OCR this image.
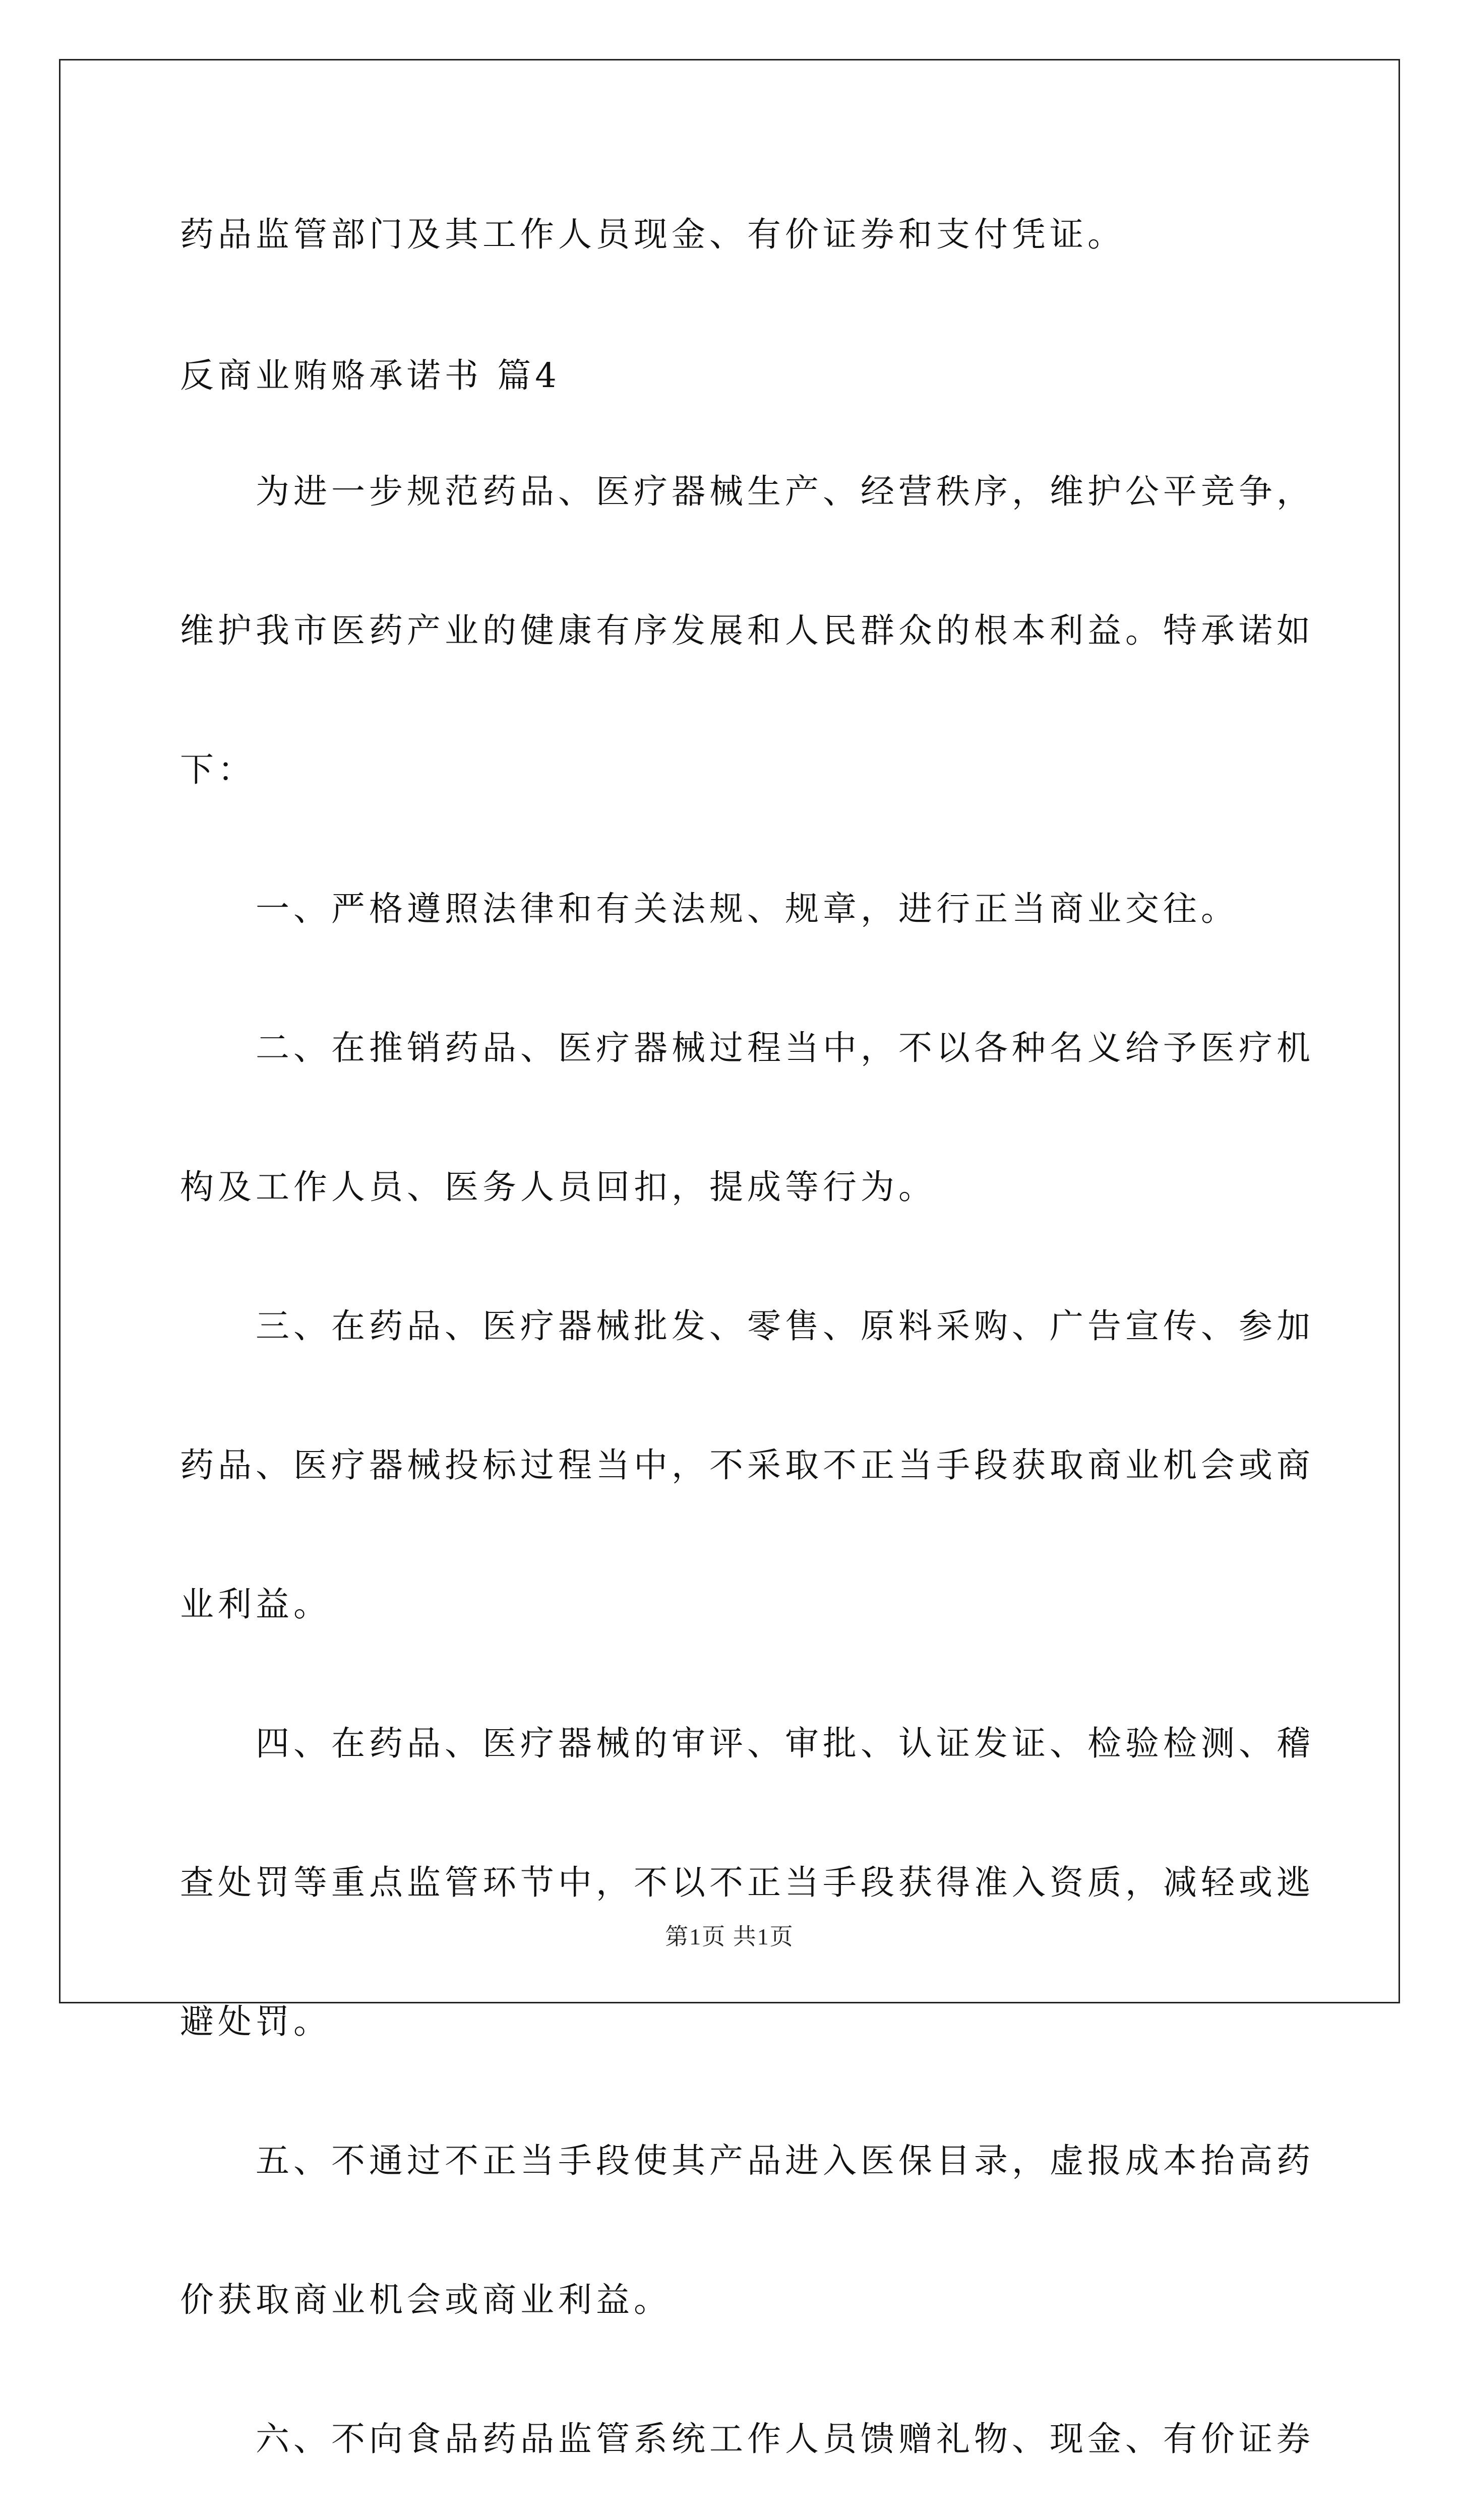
药品监管部门及其工作人员现金、有价证券和支付凭证。
反商业贿赂承诺书 篇4
为进一步规范药品、医疗器械生产、经营秩序，维护公平竞争，
维护我市医药产业的健康有序发展和人民群众的根本利益。特承诺如
下：
一、严格遵照法律和有关法规、规章，进行正当商业交往。
二、在推销药品、医疗器械过程当中，不以各种名义给予医疗机
构及工作人员、医务人员回扣，提成等行为。
三、在药品、医疗器械批发、零售、原料采购、广告宣传、参加
药品、医疗器械投标过程当中，不采取不正当手段获取商业机会或商
业利益。
四、在药品、医疗器械的审评、审批、认证发证、检验检测、稽
查处罚等重点监管环节中，不以不正当手段获得准入资质，减轻或逃
避处罚。
五、不通过不正当手段使其产品进入医保目录，虚报成本抬高药
价获取商业机会或商业利益。
六、不向食品药品监管系统工作人员馈赠礼物、现金、有价证券
第1页 共1页
